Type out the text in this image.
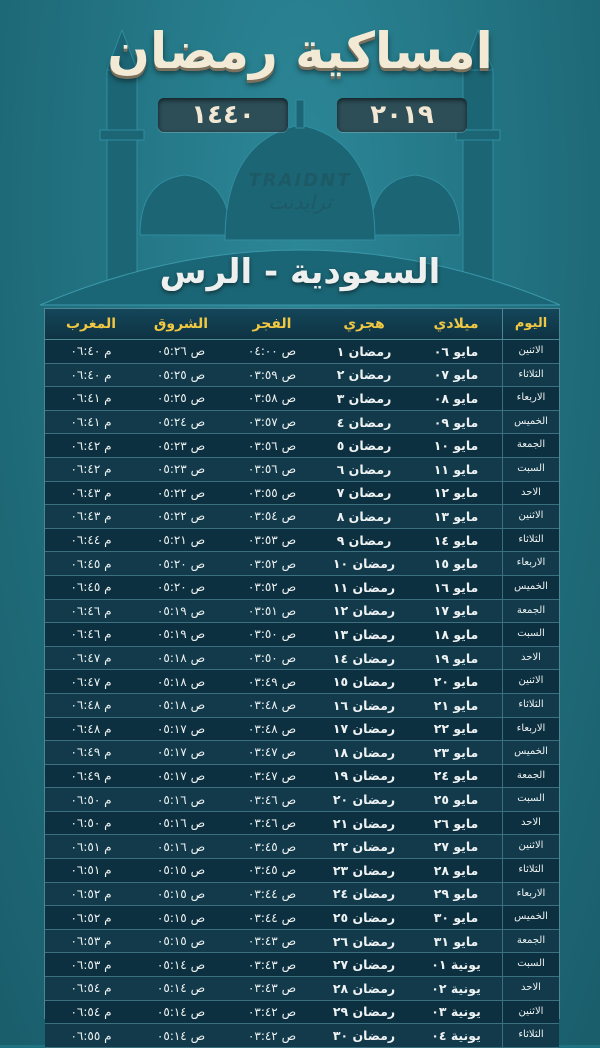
امساكية رمضان
٢٠١٩
١٤٤٠
TRAIDNT
ترايدنت
السعودية - الرس
اليوم
ميلادي
هجري
الفجر
الشروق
المغرب
الاثنين
مايو ٠٦
رمضان ١
ص ٠٤:٠٠
ص ٠٥:٢٦
م ٠٦:٤٠
الثلاثاء
مايو ٠٧
رمضان ٢
ص ٠٣:٥٩
ص ٠٥:٢٥
م ٠٦:٤٠
الاربعاء
مايو ٠٨
رمضان ٣
ص ٠٣:٥٨
ص ٠٥:٢٥
م ٠٦:٤١
الخميس
مايو ٠٩
رمضان ٤
ص ٠٣:٥٧
ص ٠٥:٢٤
م ٠٦:٤١
الجمعة
مايو ١٠
رمضان ٥
ص ٠٣:٥٦
ص ٠٥:٢٣
م ٠٦:٤٢
السبت
مايو ١١
رمضان ٦
ص ٠٣:٥٦
ص ٠٥:٢٣
م ٠٦:٤٢
الاحد
مايو ١٢
رمضان ٧
ص ٠٣:٥٥
ص ٠٥:٢٢
م ٠٦:٤٣
الاثنين
مايو ١٣
رمضان ٨
ص ٠٣:٥٤
ص ٠٥:٢٢
م ٠٦:٤٣
الثلاثاء
مايو ١٤
رمضان ٩
ص ٠٣:٥٣
ص ٠٥:٢١
م ٠٦:٤٤
الاربعاء
مايو ١٥
رمضان ١٠
ص ٠٣:٥٢
ص ٠٥:٢٠
م ٠٦:٤٥
الخميس
مايو ١٦
رمضان ١١
ص ٠٣:٥٢
ص ٠٥:٢٠
م ٠٦:٤٥
الجمعة
مايو ١٧
رمضان ١٢
ص ٠٣:٥١
ص ٠٥:١٩
م ٠٦:٤٦
السبت
مايو ١٨
رمضان ١٣
ص ٠٣:٥٠
ص ٠٥:١٩
م ٠٦:٤٦
الاحد
مايو ١٩
رمضان ١٤
ص ٠٣:٥٠
ص ٠٥:١٨
م ٠٦:٤٧
الاثنين
مايو ٢٠
رمضان ١٥
ص ٠٣:٤٩
ص ٠٥:١٨
م ٠٦:٤٧
الثلاثاء
مايو ٢١
رمضان ١٦
ص ٠٣:٤٨
ص ٠٥:١٨
م ٠٦:٤٨
الاربعاء
مايو ٢٢
رمضان ١٧
ص ٠٣:٤٨
ص ٠٥:١٧
م ٠٦:٤٨
الخميس
مايو ٢٣
رمضان ١٨
ص ٠٣:٤٧
ص ٠٥:١٧
م ٠٦:٤٩
الجمعة
مايو ٢٤
رمضان ١٩
ص ٠٣:٤٧
ص ٠٥:١٧
م ٠٦:٤٩
السبت
مايو ٢٥
رمضان ٢٠
ص ٠٣:٤٦
ص ٠٥:١٦
م ٠٦:٥٠
الاحد
مايو ٢٦
رمضان ٢١
ص ٠٣:٤٦
ص ٠٥:١٦
م ٠٦:٥٠
الاثنين
مايو ٢٧
رمضان ٢٢
ص ٠٣:٤٥
ص ٠٥:١٦
م ٠٦:٥١
الثلاثاء
مايو ٢٨
رمضان ٢٣
ص ٠٣:٤٥
ص ٠٥:١٥
م ٠٦:٥١
الاربعاء
مايو ٢٩
رمضان ٢٤
ص ٠٣:٤٤
ص ٠٥:١٥
م ٠٦:٥٢
الخميس
مايو ٣٠
رمضان ٢٥
ص ٠٣:٤٤
ص ٠٥:١٥
م ٠٦:٥٢
الجمعة
مايو ٣١
رمضان ٢٦
ص ٠٣:٤٣
ص ٠٥:١٥
م ٠٦:٥٣
السبت
يونية ٠١
رمضان ٢٧
ص ٠٣:٤٣
ص ٠٥:١٤
م ٠٦:٥٣
الاحد
يونية ٠٢
رمضان ٢٨
ص ٠٣:٤٣
ص ٠٥:١٤
م ٠٦:٥٤
الاثنين
يونية ٠٣
رمضان ٢٩
ص ٠٣:٤٢
ص ٠٥:١٤
م ٠٦:٥٤
الثلاثاء
يونية ٠٤
رمضان ٣٠
ص ٠٣:٤٢
ص ٠٥:١٤
م ٠٦:٥٥
